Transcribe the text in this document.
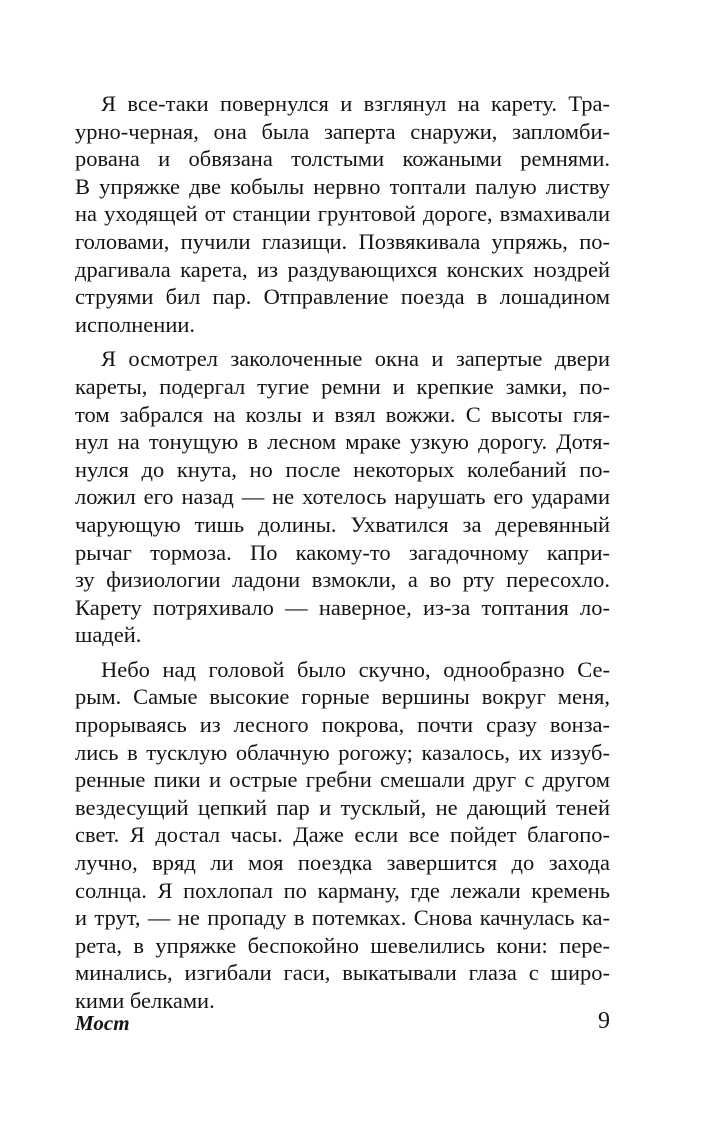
Я все-таки повернулся и взглянул на карету. Тра-
урно-черная, она была заперта снаружи, запломби-
рована и обвязана толстыми кожаными ремнями.
В упряжке две кобылы нервно топтали палую листву
на уходящей от станции грунтовой дороге, взмахивали
головами, пучили глазищи. Позвякивала упряжь, по-
драгивала карета, из раздувающихся конских ноздрей
струями бил пар. Отправление поезда в лошадином
исполнении.
Я осмотрел заколоченные окна и запертые двери
кареты, подергал тугие ремни и крепкие замки, по-
том забрался на козлы и взял вожжи. С высоты гля-
нул на тонущую в лесном мраке узкую дорогу. Дотя-
нулся до кнута, но после некоторых колебаний по-
ложил его назад — не хотелось нарушать его ударами
чарующую тишь долины. Ухватился за деревянный
рычаг тормоза. По какому-то загадочному капри-
зу физиологии ладони взмокли, а во рту пересохло.
Карету потряхивало — наверное, из-за топтания ло-
шадей.
Небо над головой было скучно, однообразно Се-
рым. Самые высокие горные вершины вокруг меня,
прорываясь из лесного покрова, почти сразу вонза-
лись в тусклую облачную рогожу; казалось, их иззуб-
ренные пики и острые гребни смешали друг с другом
вездесущий цепкий пар и тусклый, не дающий теней
свет. Я достал часы. Даже если все пойдет благопо-
лучно, вряд ли моя поездка завершится до захода
солнца. Я похлопал по карману, где лежали кремень
и трут, — не пропаду в потемках. Снова качнулась ка-
рета, в упряжке беспокойно шевелились кони: пере-
минались, изгибали гаси, выкатывали глаза с широ-
кими белками.
Мост	9
